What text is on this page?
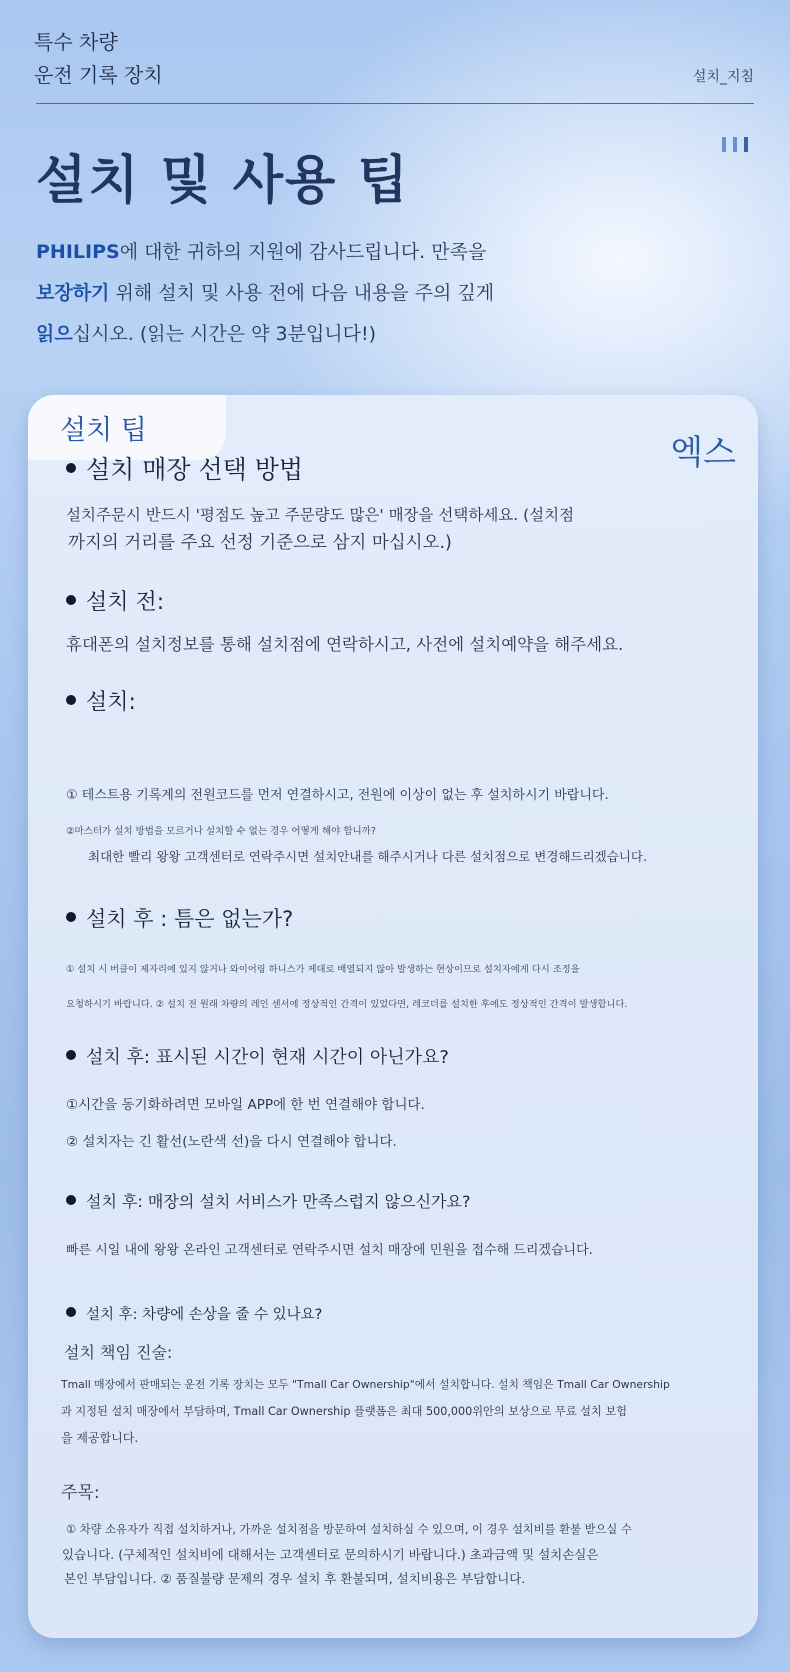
특수 차량
운전 기록 장치	설치_지침
설치 및 사용 팁

PHILIPS에 대한 귀하의 지원에 감사드립니다. 만족을
보장하기 위해 설치 및 사용 전에 다음 내용을 주의 깊게
읽으십시오. (읽는 시간은 약 3분입니다!)

설치 팁
엑스
설치 매장 선택 방법

설치주문시 반드시 '평점도 높고 주문량도 많은' 매장을 선택하세요. (설치점

까지의 거리를 주요 선정 기준으로 삼지 마십시오.)

설치 전:

휴대폰의 설치정보를 통해 설치점에 연락하시고, 사전에 설치예약을 해주세요.

설치:

① 테스트용 기록계의 전원코드를 먼저 연결하시고, 전원에 이상이 없는 후 설치하시기 바랍니다.

②마스터가 설치 방법을 모르거나 설치할 수 없는 경우 어떻게 해야 합니까?

최대한 빨리 왕왕 고객센터로 연락주시면 설치안내를 해주시거나 다른 설치점으로 변경해드리겠습니다.

설치 후 : 틈은 없는가?

① 설치 시 버클이 제자리에 있지 않거나 와이어링 하니스가 제대로 배열되지 않아 발생하는 현상이므로 설치자에게 다시 조정을

요청하시기 바랍니다. ② 설치 전 원래 차량의 레인 센서에 정상적인 간격이 있었다면, 레코더를 설치한 후에도 정상적인 간격이 발생합니다.

설치 후: 표시된 시간이 현재 시간이 아닌가요?

①시간을 동기화하려면 모바일 APP에 한 번 연결해야 합니다.

② 설치자는 긴 활선(노란색 선)을 다시 연결해야 합니다.

설치 후: 매장의 설치 서비스가 만족스럽지 않으신가요?

빠른 시일 내에 왕왕 온라인 고객센터로 연락주시면 설치 매장에 민원을 접수해 드리겠습니다.

설치 후: 차량에 손상을 줄 수 있나요?
설치 책임 진술:

Tmall 매장에서 판매되는 운전 기록 장치는 모두 "Tmall Car Ownership"에서 설치합니다. 설치 책임은 Tmall Car Ownership

과 지정된 설치 매장에서 부담하며, Tmall Car Ownership 플랫폼은 최대 500,000위안의 보상으로 무료 설치 보험

을 제공합니다.

주목:

① 차량 소유자가 직접 설치하거나, 가까운 설치점을 방문하여 설치하실 수 있으며, 이 경우 설치비를 환불 받으실 수

있습니다. (구체적인 설치비에 대해서는 고객센터로 문의하시기 바랍니다.) 초과금액 및 설치손실은

본인 부담입니다. ② 품질불량 문제의 경우 설치 후 환불되며, 설치비용은 부담합니다.
